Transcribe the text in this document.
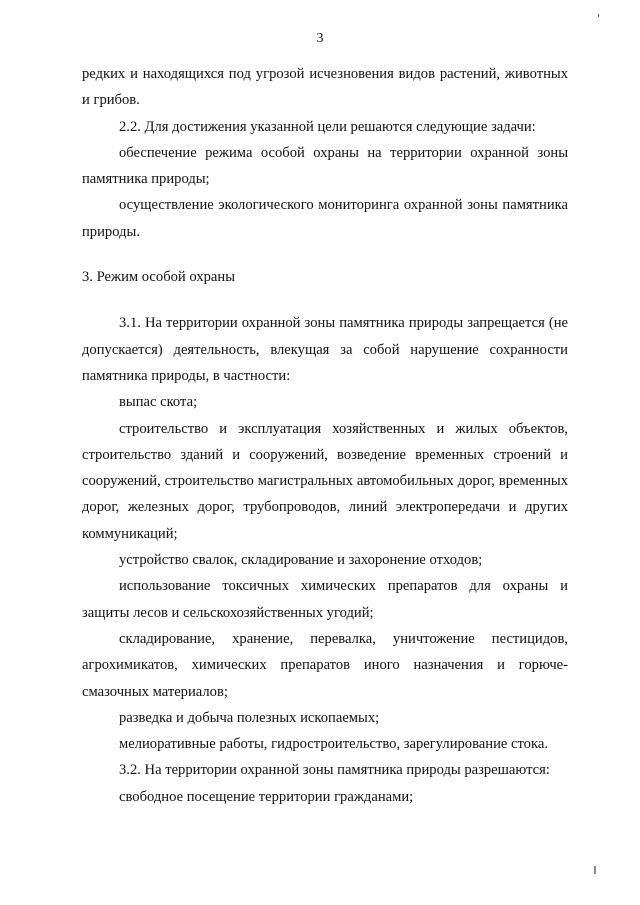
3

редких и находящихся под угрозой исчезновения видов растений, животных и грибов.

2.2. Для достижения указанной цели решаются следующие задачи:

обеспечение режима особой охраны на территории охранной зоны памятника природы;

осуществление экологического мониторинга охранной зоны памятника природы.

3. Режим особой охраны

3.1. На территории охранной зоны памятника природы запрещается (не допускается) деятельность, влекущая за собой нарушение сохранности памятника природы, в частности:

выпас скота;

строительство и эксплуатация хозяйственных и жилых объектов, строительство зданий и сооружений, возведение временных строений и сооружений, строительство магистральных автомобильных дорог, временных дорог, железных дорог, трубопроводов, линий электропередачи и других коммуникаций;

устройство свалок, складирование и захоронение отходов;

использование токсичных химических препаратов для охраны и защиты лесов и сельскохозяйственных угодий;

складирование, хранение, перевалка, уничтожение пестицидов, агрохимикатов, химических препаратов иного назначения и горюче-смазочных материалов;

разведка и добыча полезных ископаемых;

мелиоративные работы, гидростроительство, зарегулирование стока.

3.2. На территории охранной зоны памятника природы разрешаются:

свободное посещение территории гражданами;
